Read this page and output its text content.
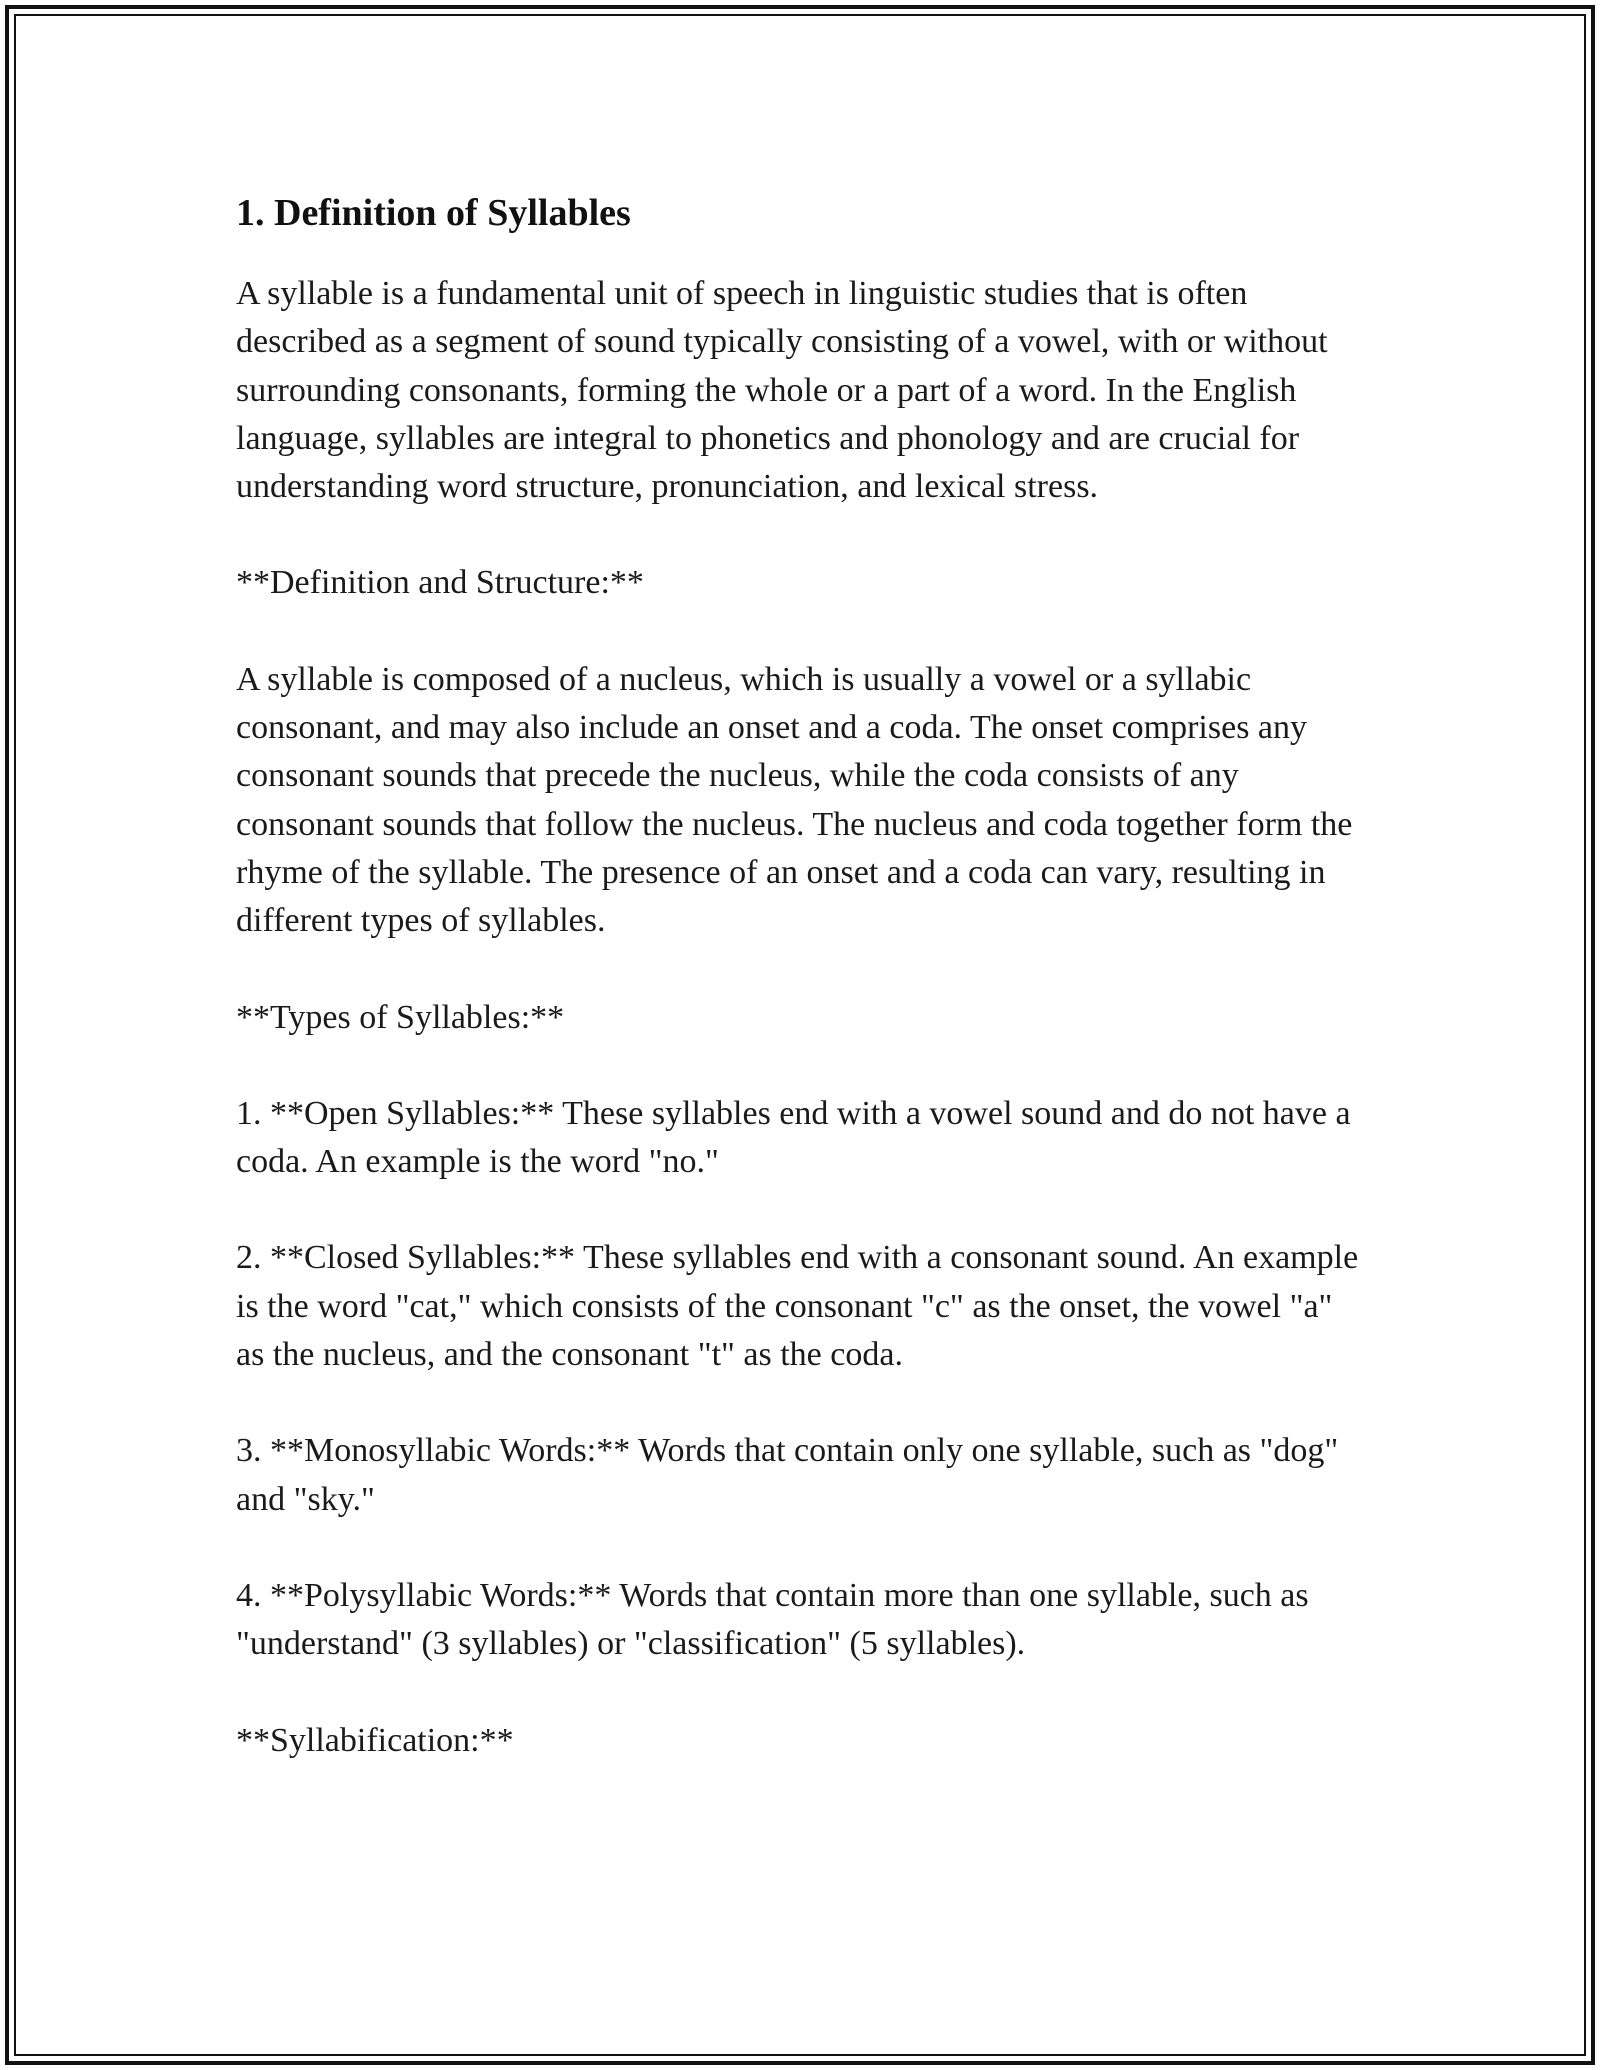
1. Definition of Syllables

A syllable is a fundamental unit of speech in linguistic studies that is often described as a segment of sound typically consisting of a vowel, with or without surrounding consonants, forming the whole or a part of a word. In the English language, syllables are integral to phonetics and phonology and are crucial for understanding word structure, pronunciation, and lexical stress.

**Definition and Structure:**

A syllable is composed of a nucleus, which is usually a vowel or a syllabic consonant, and may also include an onset and a coda. The onset comprises any consonant sounds that precede the nucleus, while the coda consists of any consonant sounds that follow the nucleus. The nucleus and coda together form the rhyme of the syllable. The presence of an onset and a coda can vary, resulting in different types of syllables.

**Types of Syllables:**

1. **Open Syllables:** These syllables end with a vowel sound and do not have a coda. An example is the word "no."

2. **Closed Syllables:** These syllables end with a consonant sound. An example is the word "cat," which consists of the consonant "c" as the onset, the vowel "a" as the nucleus, and the consonant "t" as the coda.

3. **Monosyllabic Words:** Words that contain only one syllable, such as "dog" and "sky."

4. **Polysyllabic Words:** Words that contain more than one syllable, such as "understand" (3 syllables) or "classification" (5 syllables).

**Syllabification:**
